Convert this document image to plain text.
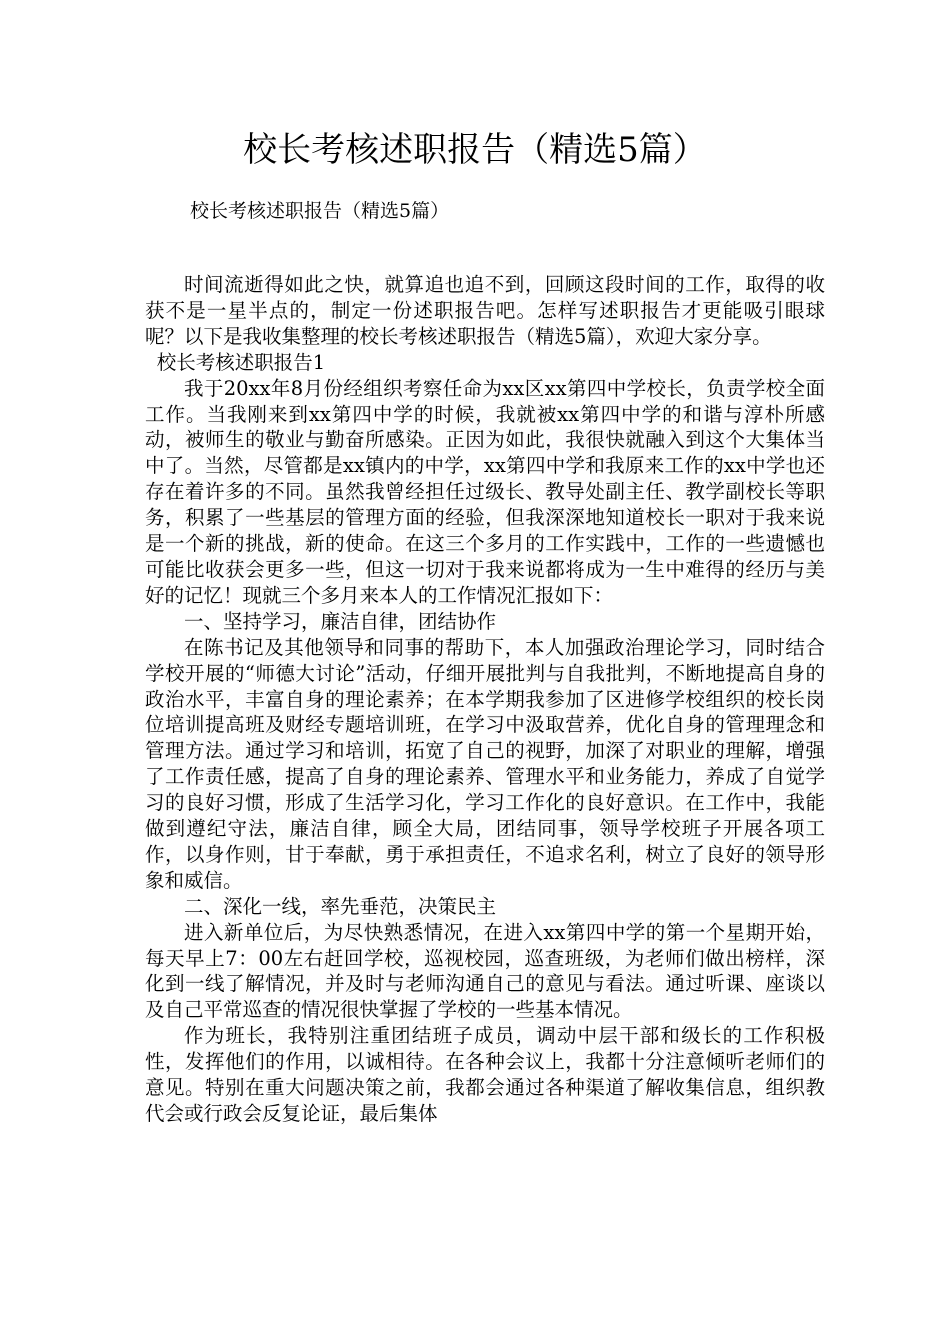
校长考核述职报告（精选5篇）
校长考核述职报告（精选5篇）

时间流逝得如此之快，就算追也追不到，回顾这段时间的工作，取得的收获不是一星半点的，制定一份述职报告吧。怎样写述职报告才更能吸引眼球呢？以下是我收集整理的校长考核述职报告（精选5篇），欢迎大家分享。

校长考核述职报告1

我于20xx年8月份经组织考察任命为xx区xx第四中学校长，负责学校全面工作。当我刚来到xx第四中学的时候，我就被xx第四中学的和谐与淳朴所感动，被师生的敬业与勤奋所感染。正因为如此，我很快就融入到这个大集体当中了。当然，尽管都是xx镇内的中学，xx第四中学和我原来工作的xx中学也还存在着许多的不同。虽然我曾经担任过级长、教导处副主任、教学副校长等职务，积累了一些基层的管理方面的经验，但我深深地知道校长一职对于我来说是一个新的挑战，新的使命。在这三个多月的工作实践中，工作的一些遗憾也可能比收获会更多一些，但这一切对于我来说都将成为一生中难得的经历与美好的记忆！现就三个多月来本人的工作情况汇报如下：

一、坚持学习，廉洁自律，团结协作

在陈书记及其他领导和同事的帮助下，本人加强政治理论学习，同时结合学校开展的“师德大讨论”活动，仔细开展批判与自我批判，不断地提高自身的政治水平，丰富自身的理论素养；在本学期我参加了区进修学校组织的校长岗位培训提高班及财经专题培训班，在学习中汲取营养，优化自身的管理理念和管理方法。通过学习和培训，拓宽了自己的视野，加深了对职业的理解，增强了工作责任感，提高了自身的理论素养、管理水平和业务能力，养成了自觉学习的良好习惯，形成了生活学习化，学习工作化的良好意识。在工作中，我能做到遵纪守法，廉洁自律，顾全大局，团结同事，领导学校班子开展各项工作，以身作则，甘于奉献，勇于承担责任，不追求名利，树立了良好的领导形象和威信。

二、深化一线，率先垂范，决策民主

进入新单位后，为尽快熟悉情况，在进入xx第四中学的第一个星期开始，每天早上7：00左右赶回学校，巡视校园，巡查班级，为老师们做出榜样，深化到一线了解情况，并及时与老师沟通自己的意见与看法。通过听课、座谈以及自己平常巡查的情况很快掌握了学校的一些基本情况。

作为班长，我特别注重团结班子成员，调动中层干部和级长的工作积极性，发挥他们的作用，以诚相待。在各种会议上，我都十分注意倾听老师们的意见。特别在重大问题决策之前，我都会通过各种渠道了解收集信息，组织教代会或行政会反复论证，最后集体
